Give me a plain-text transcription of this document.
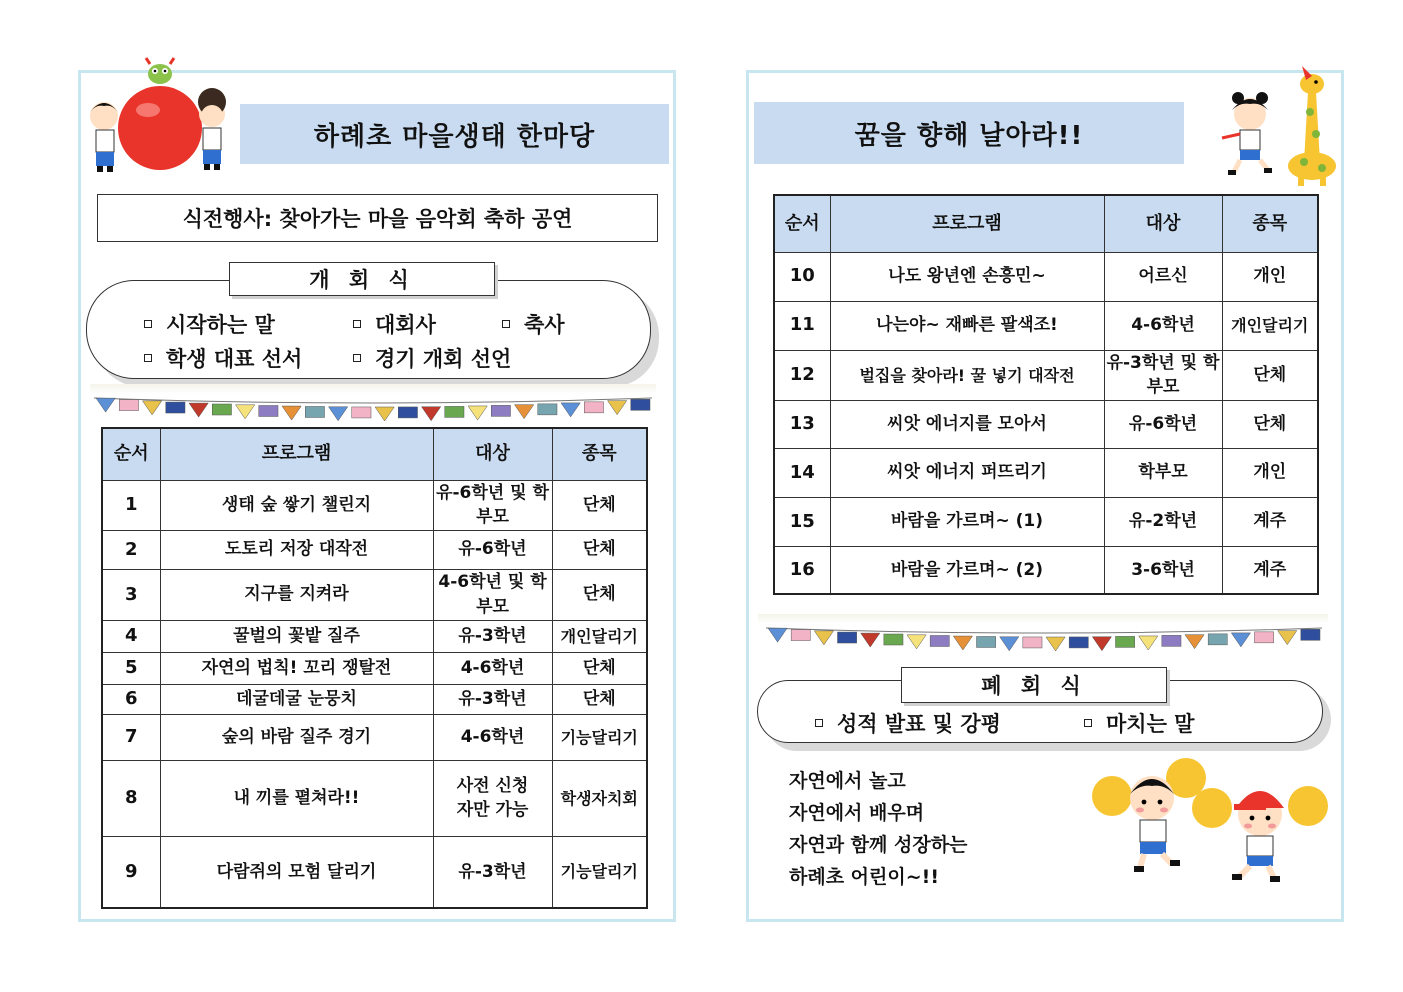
하례초 마을생태 한마당
식전행사: 찾아가는 마을 음악회 축하 공연
개 회 식
시작하는 말	대회사	축사
학생 대표 선서	경기 개회 선언
순서	프로그램	대상	종목
1	생태 숲 쌓기 챌린지	유-6학년 및 학부모	단체
2	도토리 저장 대작전	유-6학년	단체
3	지구를 지켜라	4-6학년 및 학부모	단체
4	꿀벌의 꽃밭 질주	유-3학년	개인달리기
5	자연의 법칙! 꼬리 쟁탈전	4-6학년	단체
6	데굴데굴 눈뭉치	유-3학년	단체
7	숲의 바람 질주 경기	4-6학년	기능달리기
8	내 끼를 펼쳐라!!	사전 신청자만 가능	학생자치회
9	다람쥐의 모험 달리기	유-3학년	기능달리기
꿈을 향해 날아라!!
순서	프로그램	대상	종목
10	나도 왕년엔 손흥민~	어르신	개인
11	나는야~ 재빠른 팔색조!	4-6학년	개인달리기
12	벌집을 찾아라! 꿀 넣기 대작전	유-3학년 및 학부모	단체
13	씨앗 에너지를 모아서	유-6학년	단체
14	씨앗 에너지 퍼뜨리기	학부모	개인
15	바람을 가르며~ (1)	유-2학년	계주
16	바람을 가르며~ (2)	3-6학년	계주
폐 회 식
성적 발표 및 강평	마치는 말
자연에서 놀고
자연에서 배우며
자연과 함께 성장하는
하례초 어린이~!!
